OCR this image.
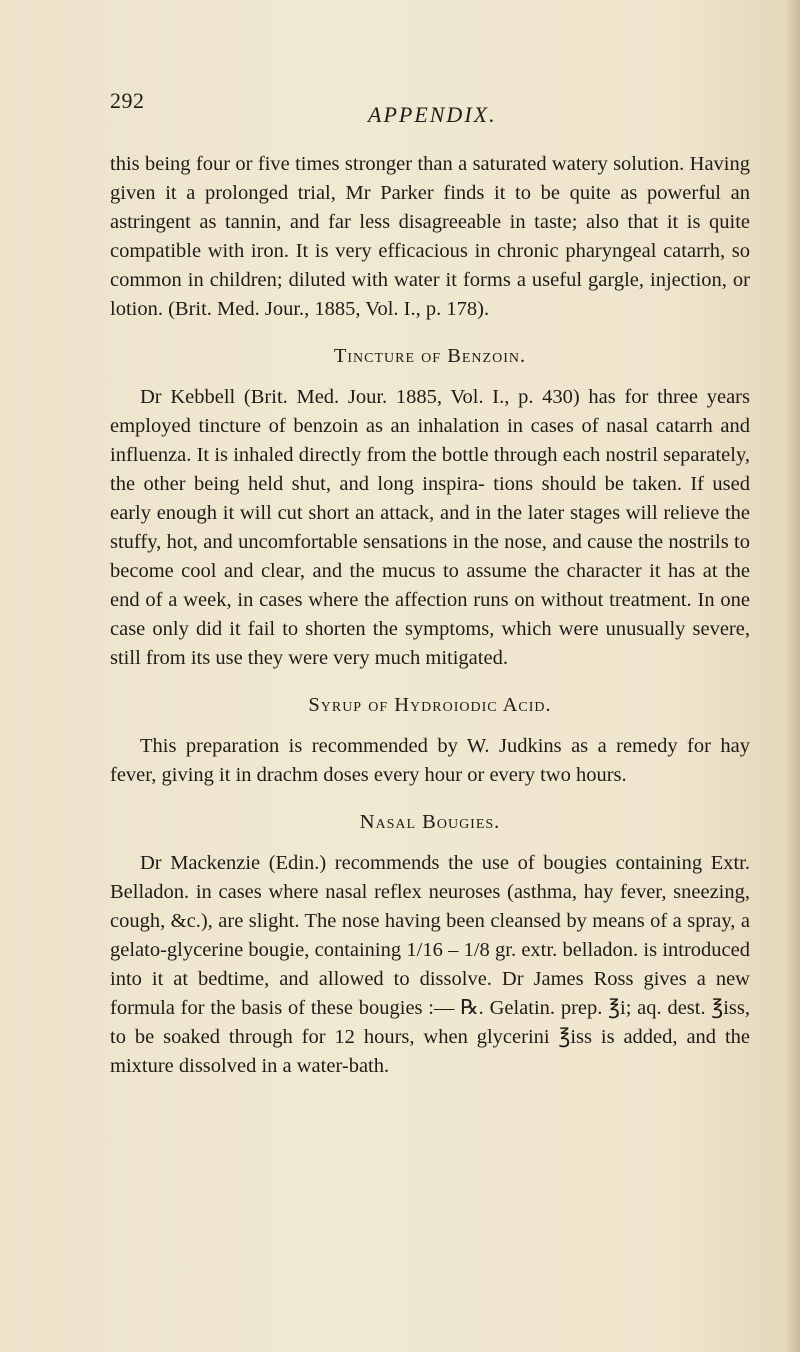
292
APPENDIX.

this being four or five times stronger than a saturated watery solution. Having given it a prolonged trial, Mr Parker finds it to be quite as powerful an astringent as tannin, and far less disagreeable in taste; also that it is quite compatible with iron. It is very efficacious in chronic pharyngeal catarrh, so common in children; diluted with water it forms a useful gargle, injection, or lotion. (Brit. Med. Jour., 1885, Vol. I., p. 178).

Tincture of Benzoin.

Dr Kebbell (Brit. Med. Jour. 1885, Vol. I., p. 430) has for three years employed tincture of benzoin as an inhalation in cases of nasal catarrh and influenza. It is inhaled directly from the bottle through each nostril separately, the other being held shut, and long inspira- tions should be taken. If used early enough it will cut short an attack, and in the later stages will relieve the stuffy, hot, and uncomfortable sensations in the nose, and cause the nostrils to become cool and clear, and the mucus to assume the character it has at the end of a week, in cases where the affection runs on without treatment. In one case only did it fail to shorten the symptoms, which were unusually severe, still from its use they were very much mitigated.

Syrup of Hydroiodic Acid.

This preparation is recommended by W. Judkins as a remedy for hay fever, giving it in drachm doses every hour or every two hours.

Nasal Bougies.

Dr Mackenzie (Edin.) recommends the use of bougies containing Extr. Belladon. in cases where nasal reflex neuroses (asthma, hay fever, sneezing, cough, &c.), are slight. The nose having been cleansed by means of a spray, a gelato-glycerine bougie, containing 1/16 – 1/8 gr. extr. belladon. is introduced into it at bedtime, and allowed to dissolve. Dr James Ross gives a new formula for the basis of these bougies :— ℞. Gelatin. prep. ℥i; aq. dest. ℥iss, to be soaked through for 12 hours, when glycerini ℥iss is added, and the mixture dissolved in a water-bath.
